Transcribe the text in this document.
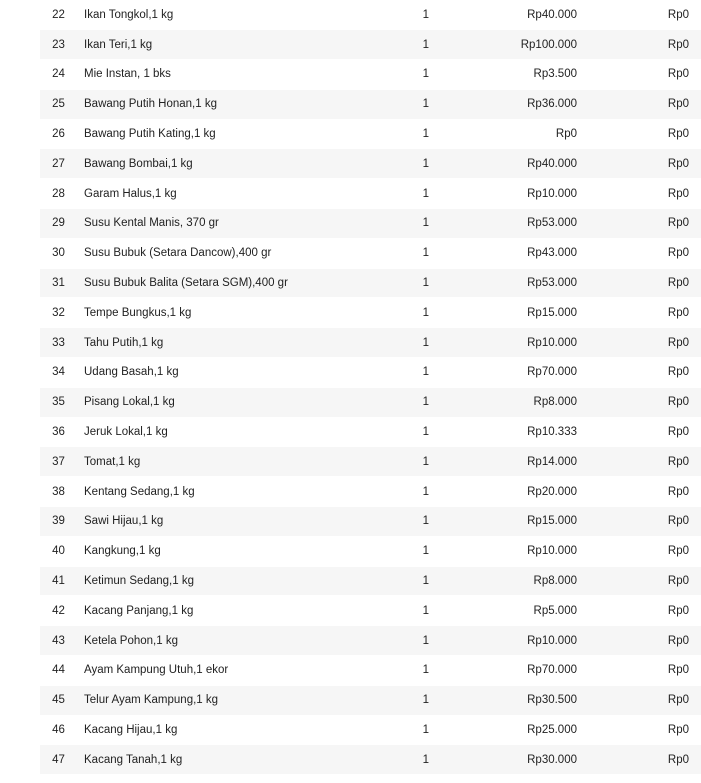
22	Ikan Tongkol,1 kg	1	Rp40.000	Rp0
23	Ikan Teri,1 kg	1	Rp100.000	Rp0
24	Mie Instan, 1 bks	1	Rp3.500	Rp0
25	Bawang Putih Honan,1 kg	1	Rp36.000	Rp0
26	Bawang Putih Kating,1 kg	1	Rp0	Rp0
27	Bawang Bombai,1 kg	1	Rp40.000	Rp0
28	Garam Halus,1 kg	1	Rp10.000	Rp0
29	Susu Kental Manis, 370 gr	1	Rp53.000	Rp0
30	Susu Bubuk (Setara Dancow),400 gr	1	Rp43.000	Rp0
31	Susu Bubuk Balita (Setara SGM),400 gr	1	Rp53.000	Rp0
32	Tempe Bungkus,1 kg	1	Rp15.000	Rp0
33	Tahu Putih,1 kg	1	Rp10.000	Rp0
34	Udang Basah,1 kg	1	Rp70.000	Rp0
35	Pisang Lokal,1 kg	1	Rp8.000	Rp0
36	Jeruk Lokal,1 kg	1	Rp10.333	Rp0
37	Tomat,1 kg	1	Rp14.000	Rp0
38	Kentang Sedang,1 kg	1	Rp20.000	Rp0
39	Sawi Hijau,1 kg	1	Rp15.000	Rp0
40	Kangkung,1 kg	1	Rp10.000	Rp0
41	Ketimun Sedang,1 kg	1	Rp8.000	Rp0
42	Kacang Panjang,1 kg	1	Rp5.000	Rp0
43	Ketela Pohon,1 kg	1	Rp10.000	Rp0
44	Ayam Kampung Utuh,1 ekor	1	Rp70.000	Rp0
45	Telur Ayam Kampung,1 kg	1	Rp30.500	Rp0
46	Kacang Hijau,1 kg	1	Rp25.000	Rp0
47	Kacang Tanah,1 kg	1	Rp30.000	Rp0
